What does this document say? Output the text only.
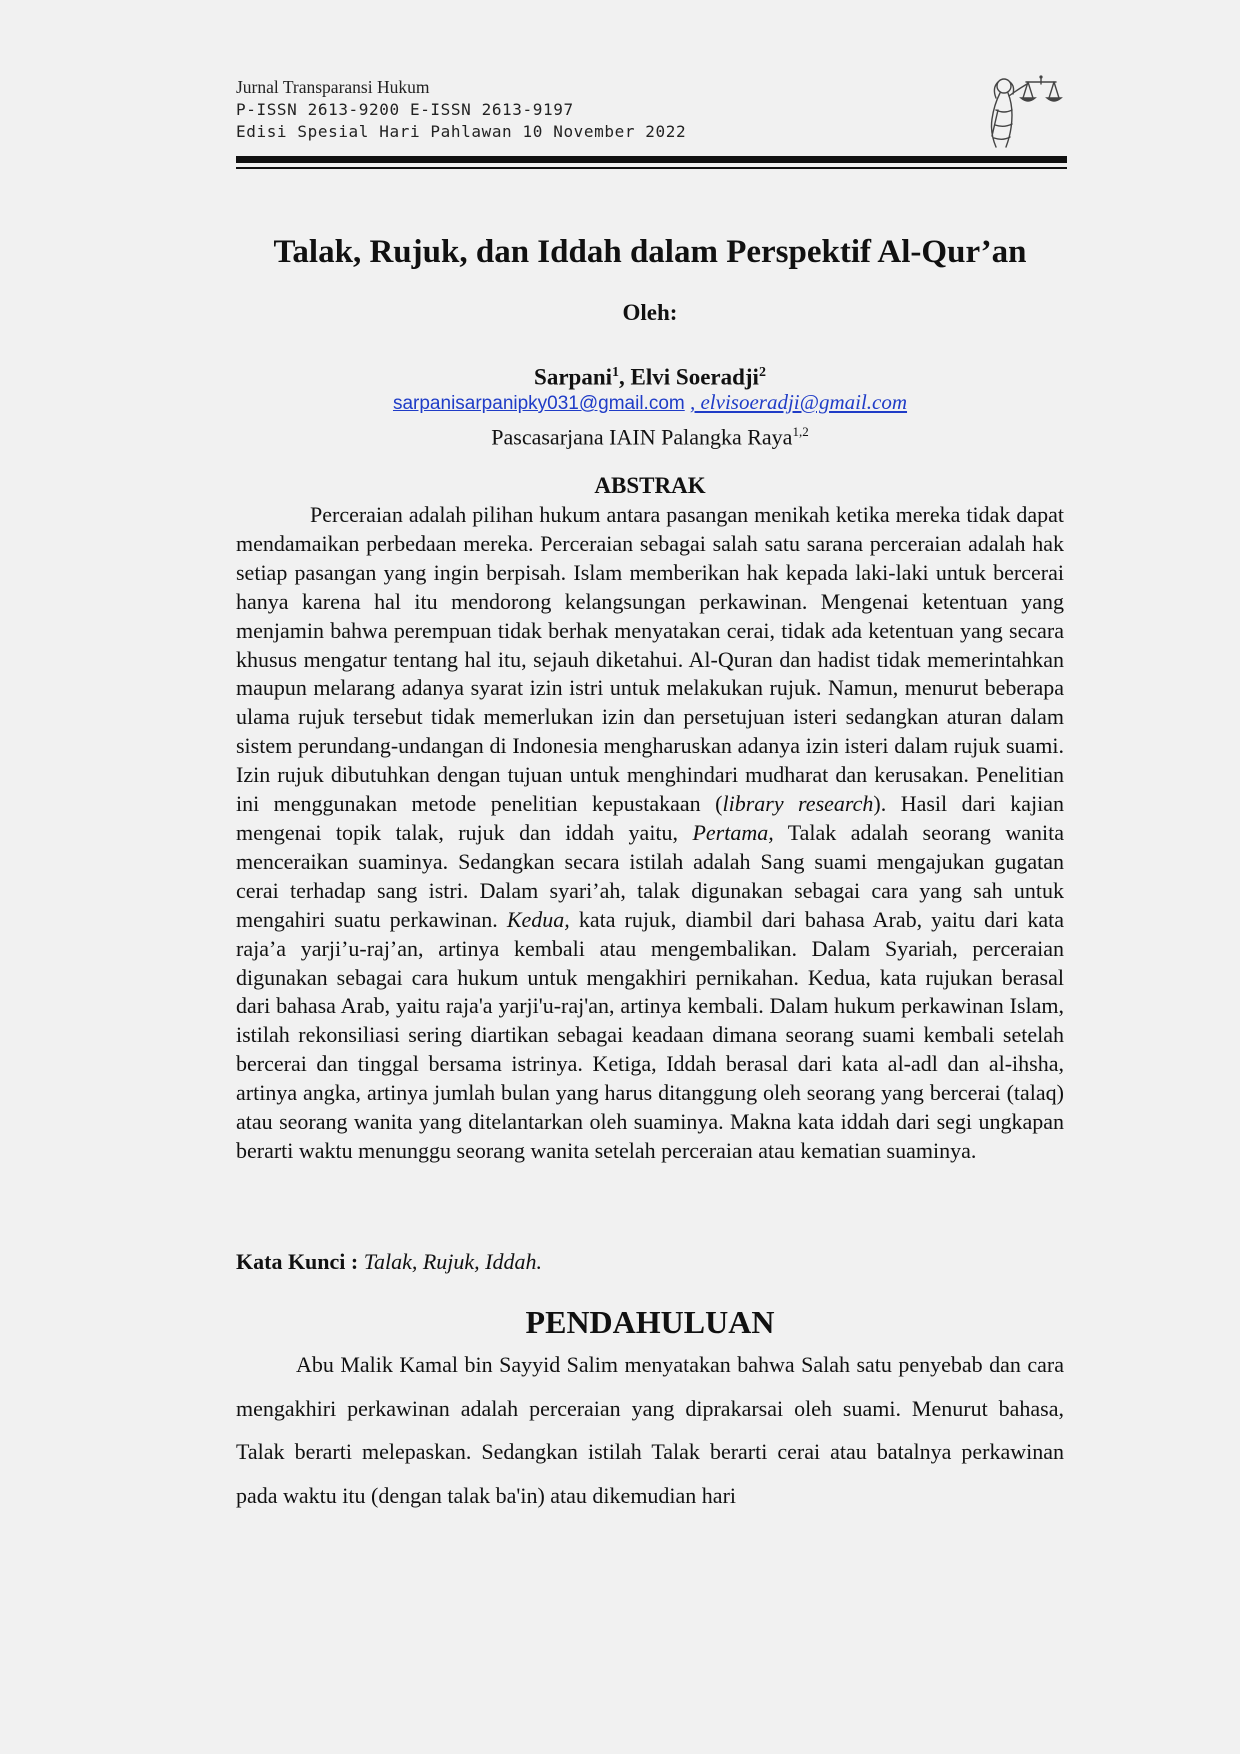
Jurnal Transparansi Hukum
P-ISSN 2613-9200 E-ISSN 2613-9197
Edisi Spesial Hari Pahlawan 10 November 2022
Talak, Rujuk, dan Iddah dalam Perspektif Al-Qur’an
Oleh:
Sarpani$^1$, Elvi Soeradji$^2$
sarpanisarpanipky031@gmail.com , elvisoeradji@gmail.com
Pascasarjana IAIN Palangka Raya$^{1,2}$
ABSTRAK

Perceraian adalah pilihan hukum antara pasangan menikah ketika mereka tidak dapat mendamaikan perbedaan mereka. Perceraian sebagai salah satu sarana perceraian adalah hak setiap pasangan yang ingin berpisah. Islam memberikan hak kepada laki-laki untuk bercerai hanya karena hal itu mendorong kelangsungan perkawinan. Mengenai ketentuan yang menjamin bahwa perempuan tidak berhak menyatakan cerai, tidak ada ketentuan yang secara khusus mengatur tentang hal itu, sejauh diketahui. Al-Quran dan hadist tidak memerintahkan maupun melarang adanya syarat izin istri untuk melakukan rujuk. Namun, menurut beberapa ulama rujuk tersebut tidak memerlukan izin dan persetujuan isteri sedangkan aturan dalam sistem perundang-undangan di Indonesia mengharuskan adanya izin isteri dalam rujuk suami. Izin rujuk dibutuhkan dengan tujuan untuk menghindari mudharat dan kerusakan. Penelitian ini menggunakan metode penelitian kepustakaan (library research). Hasil dari kajian mengenai topik talak, rujuk dan iddah yaitu, Pertama, Talak adalah seorang wanita menceraikan suaminya. Sedangkan secara istilah adalah Sang suami mengajukan gugatan cerai terhadap sang istri. Dalam syari’ah, talak digunakan sebagai cara yang sah untuk mengahiri suatu perkawinan. Kedua, kata rujuk, diambil dari bahasa Arab, yaitu dari kata raja’a yarji’u-raj’an, artinya kembali atau mengembalikan. Dalam Syariah, perceraian digunakan sebagai cara hukum untuk mengakhiri pernikahan. Kedua, kata rujukan berasal dari bahasa Arab, yaitu raja'a yarji'u-raj'an, artinya kembali. Dalam hukum perkawinan Islam, istilah rekonsiliasi sering diartikan sebagai keadaan dimana seorang suami kembali setelah bercerai dan tinggal bersama istrinya. Ketiga, Iddah berasal dari kata al-adl dan al-ihsha, artinya angka, artinya jumlah bulan yang harus ditanggung oleh seorang yang bercerai (talaq) atau seorang wanita yang ditelantarkan oleh suaminya. Makna kata iddah dari segi ungkapan berarti waktu menunggu seorang wanita setelah perceraian atau kematian suaminya.

Kata Kunci : Talak, Rujuk, Iddah.
PENDAHULUAN

Abu Malik Kamal bin Sayyid Salim menyatakan bahwa Salah satu penyebab dan cara mengakhiri perkawinan adalah perceraian yang diprakarsai oleh suami. Menurut bahasa, Talak berarti melepaskan. Sedangkan istilah Talak berarti cerai atau batalnya perkawinan pada waktu itu (dengan talak ba'in) atau dikemudian hari
